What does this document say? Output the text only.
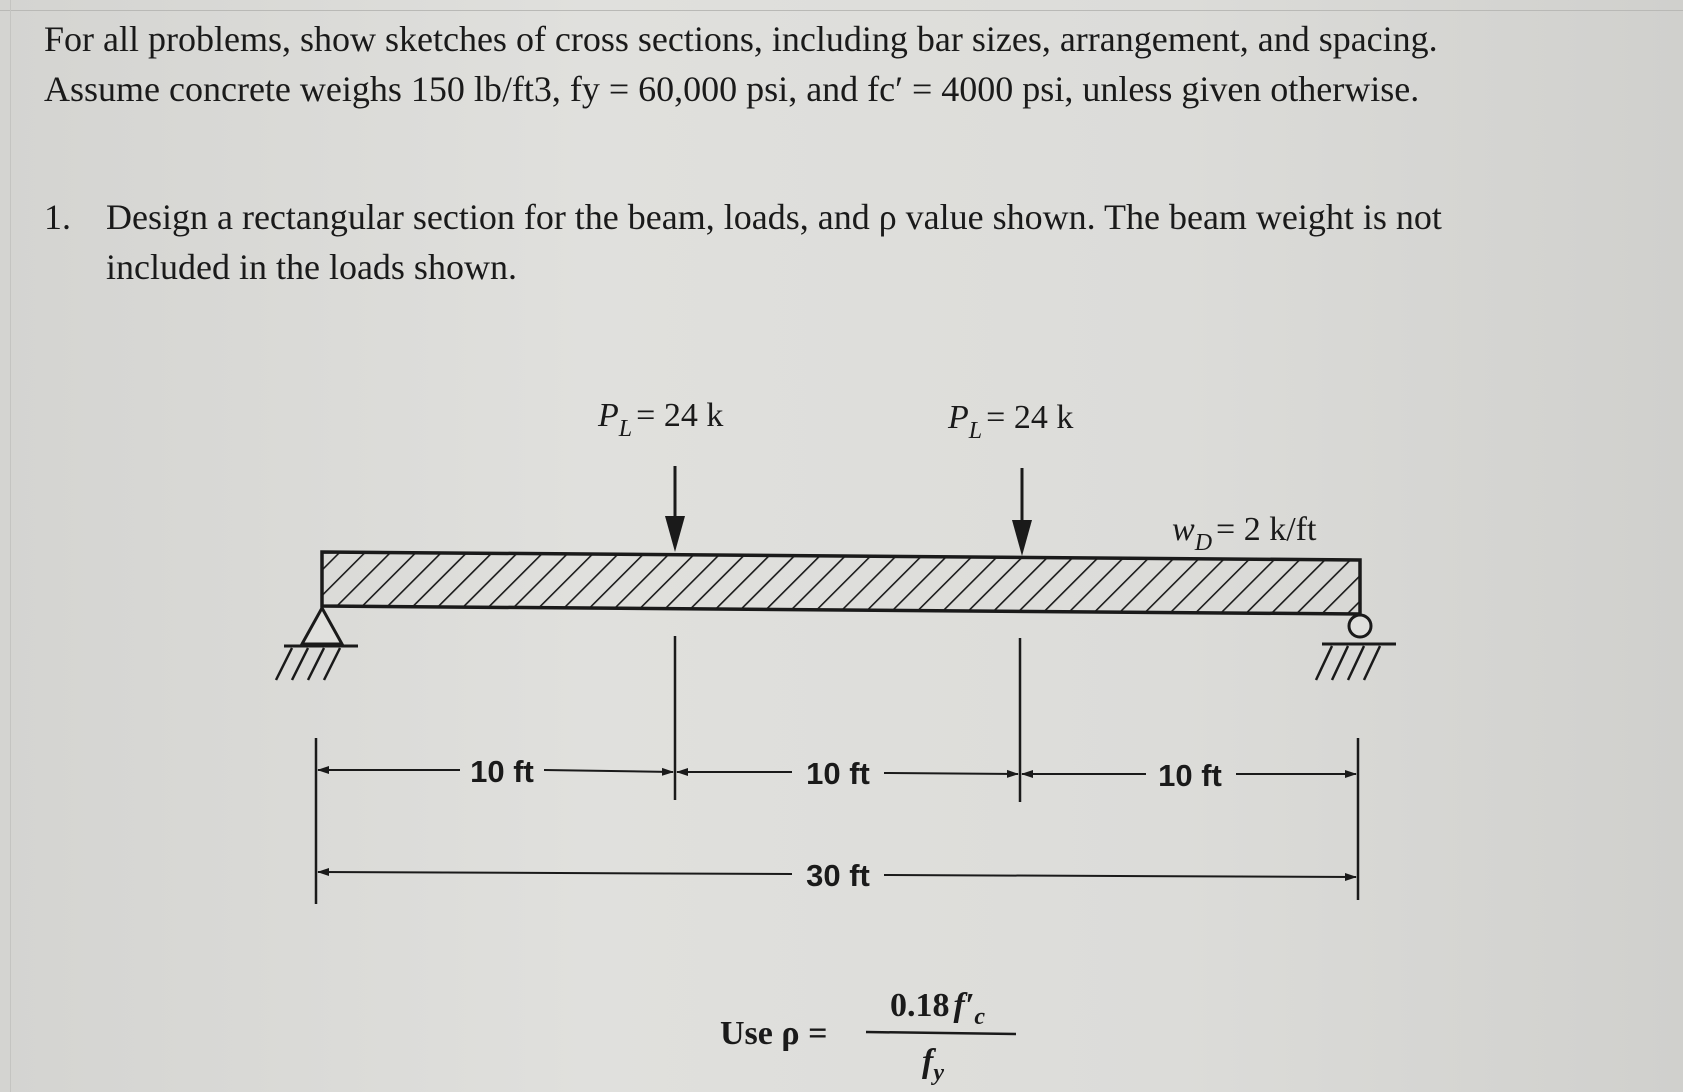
For all problems, show sketches of cross sections, including bar sizes, arrangement, and spacing.
Assume concrete weighs 150 lb/ft3, fy = 60,000 psi, and fc′ = 4000 psi, unless given otherwise.
1. Design a rectangular section for the beam, loads, and ρ value shown. The beam weight is not
included in the loads shown.
$P_L = 24$ k	$P_L = 24$ k
$w_D = 2$ k/ft
10 ft	10 ft	10 ft
30 ft
Use ρ =
0.18 $f'_c$
$f_y$
